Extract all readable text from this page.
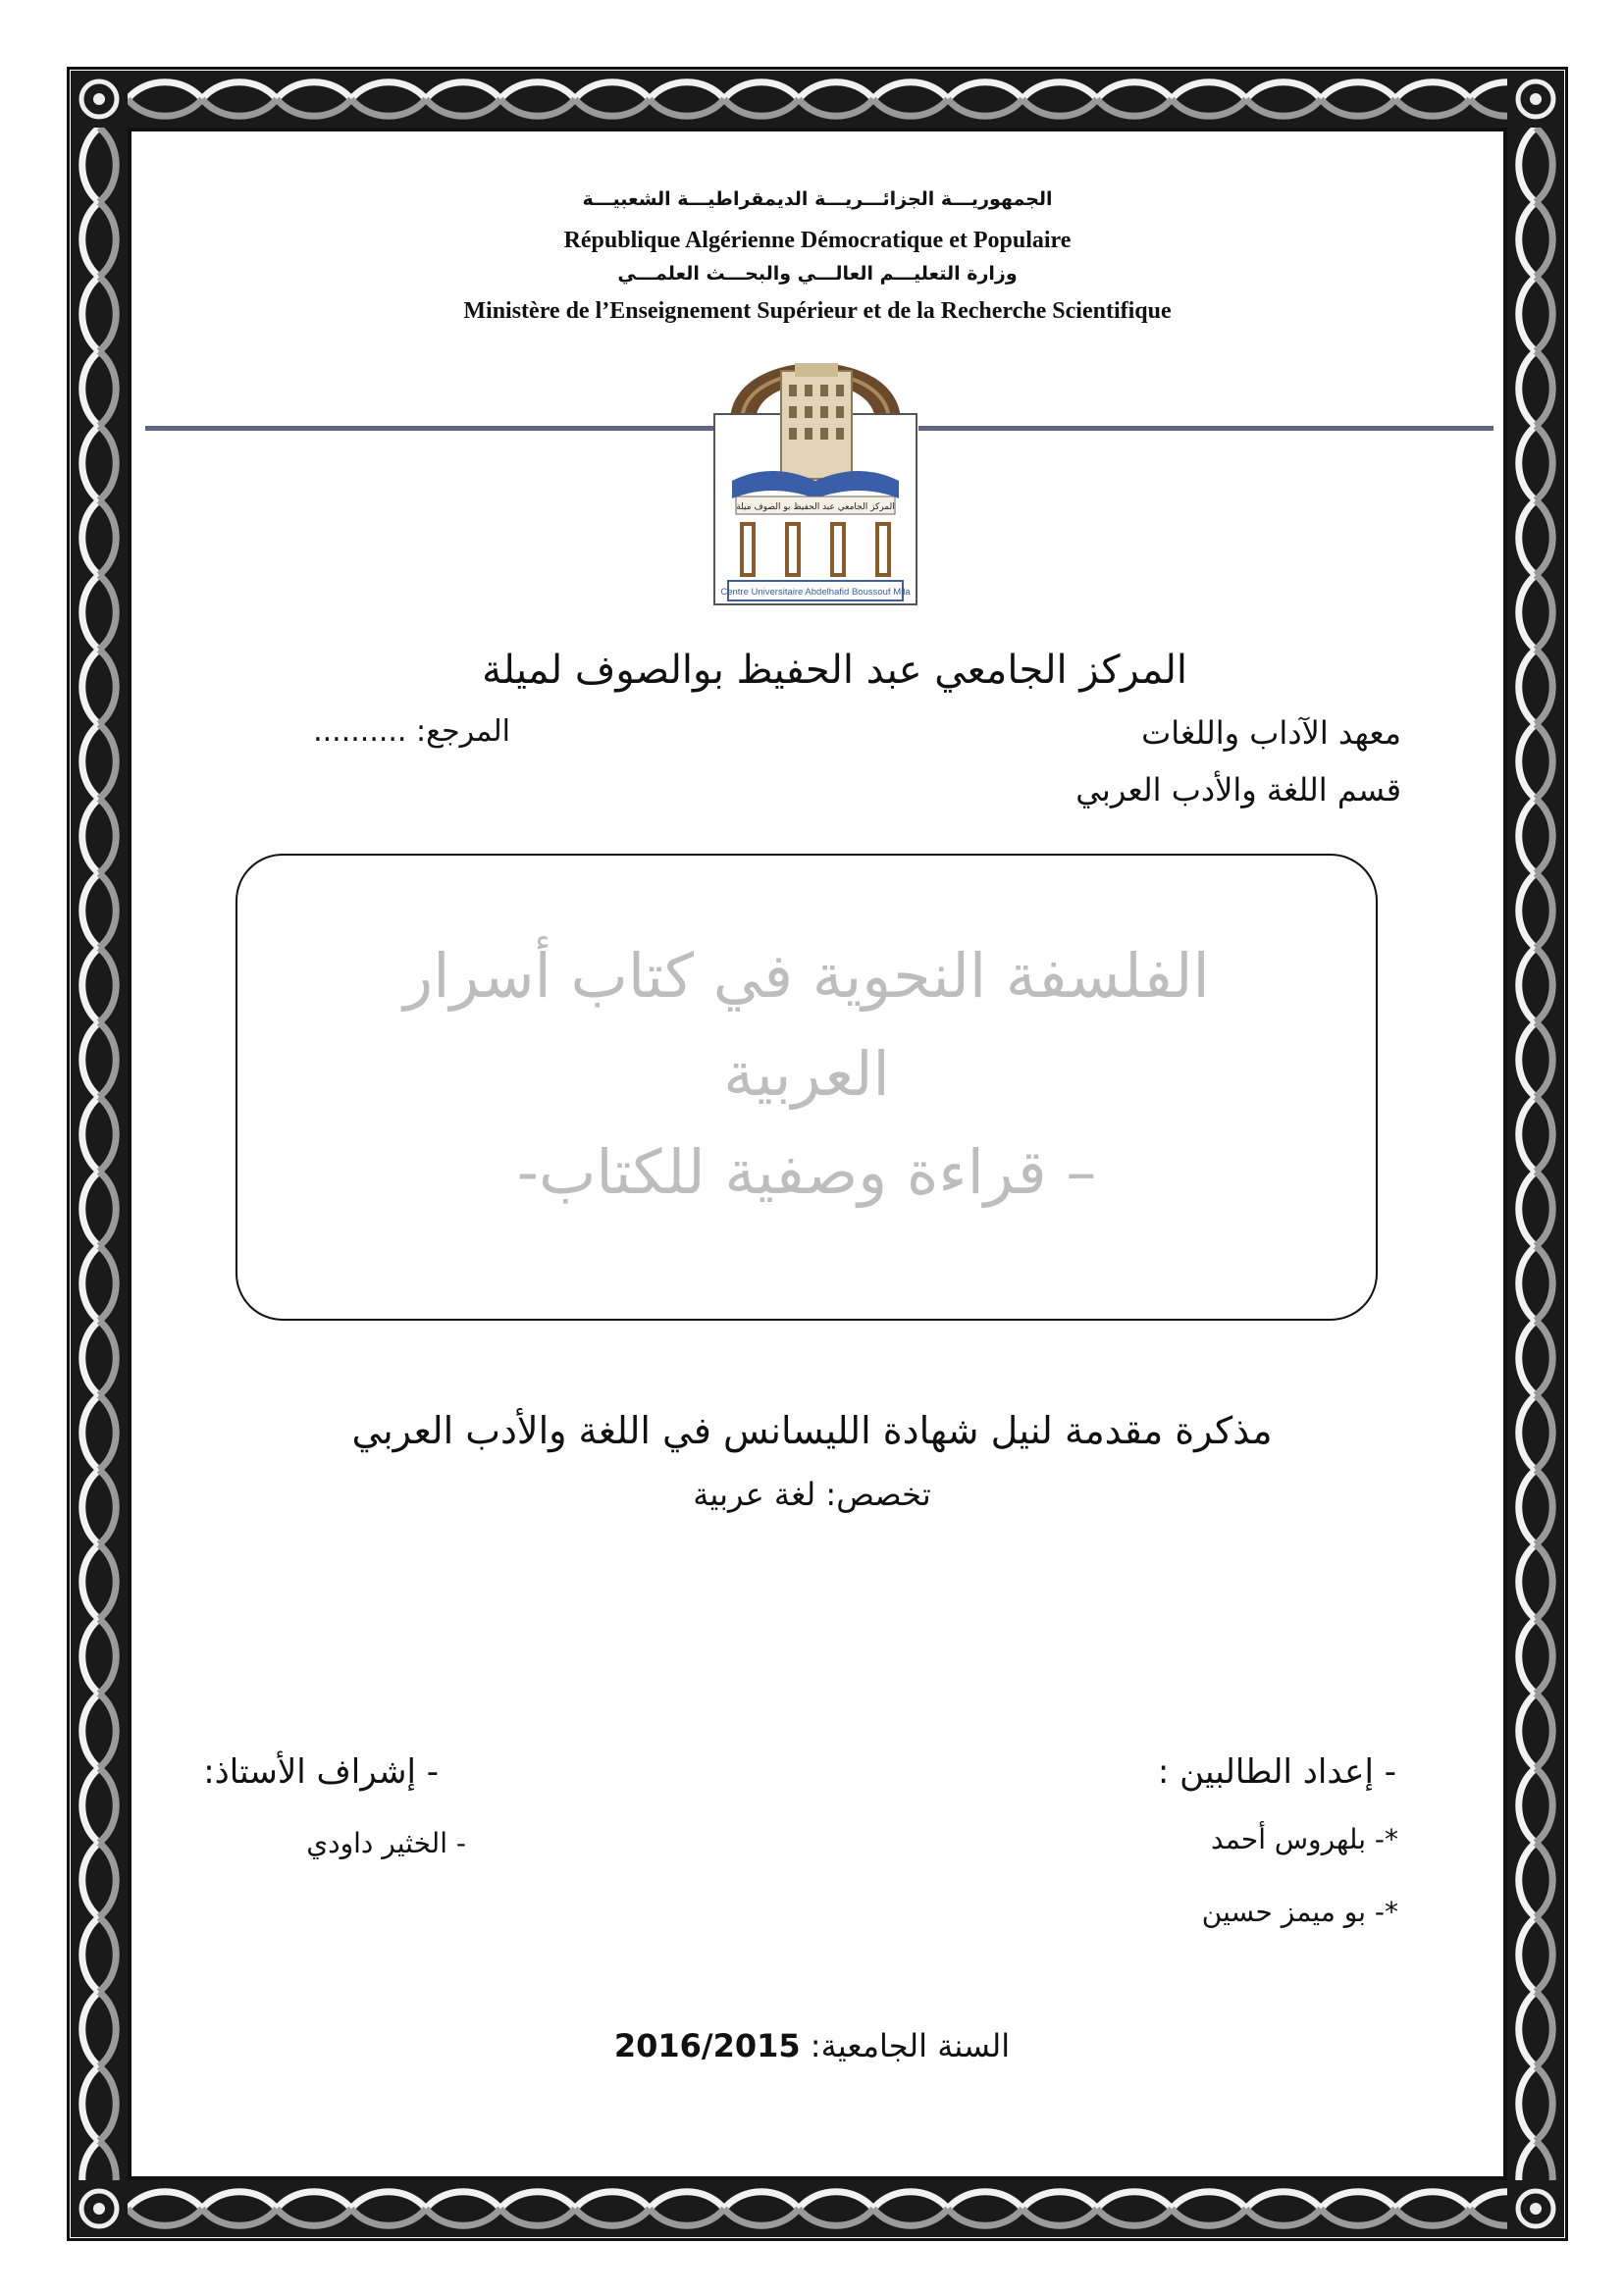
الجمهوريـــة الجزائـــريـــة الديمقراطيـــة الشعبيـــة
République Algérienne Démocratique et Populaire
وزارة التعليـــم العالـــي والبحـــث العلمـــي
Ministère de l’Enseignement Supérieur et de la Recherche Scientifique
المركز الجامعي عبد الحفيظ بو الصوف ميلة
Centre Universitaire Abdelhafid Boussouf Mila
المركز الجامعي عبد الحفيظ بوالصوف لميلة
معهد الآداب واللغات
المرجع: ..........
قسم اللغة والأدب العربي
الفلسفة النحوية في كتاب أسرار
العربية
– قراءة وصفية للكتاب-
مذكرة مقدمة لنيل شهادة الليسانس في اللغة والأدب العربي
تخصص: لغة عربية
- إعداد الطالبين :
*- بلهروس أحمد
*- بو ميمز حسين
- إشراف الأستاذ:
- الخثير داودي
السنة الجامعية: 2016/2015
